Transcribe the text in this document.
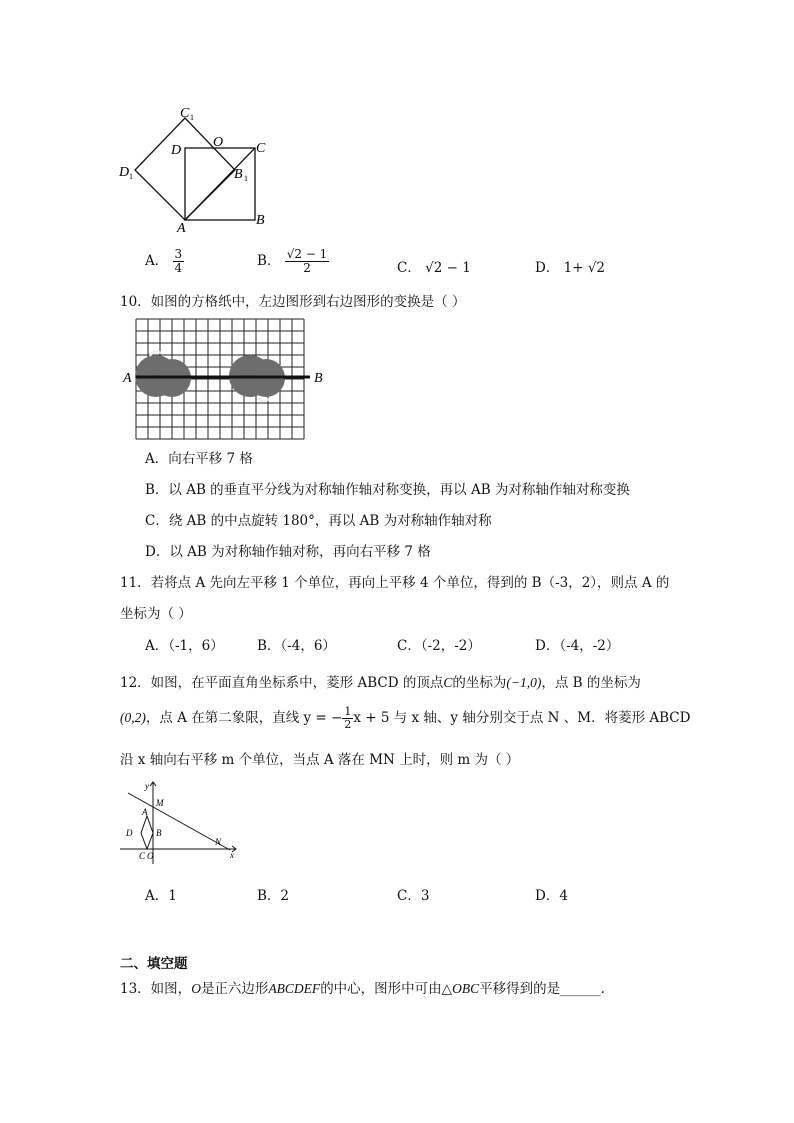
C 1
O
D	C
D 1	B 1
A
B
A． $\frac{3}{4}$	B． $\frac{√2 - 1}{2}$	C． √2 − 1	D． 1+ √2
10．如图的方格纸中，左边图形到右边图形的变换是（ ）
A	B
A．向右平移 7 格
B．以 AB 的垂直平分线为对称轴作轴对称变换，再以 AB 为对称轴作轴对称变换
C．绕 AB 的中点旋转 180°，再以 AB 为对称轴作轴对称
D．以 AB 为对称轴作轴对称，再向右平移 7 格
11．若将点 A 先向左平移 1 个单位，再向上平移 4 个单位，得到的 B（-3，2），则点 A 的
坐标为（ ）
A．（-1，6） B．（-4，6）	C．（-2，-2）	D．（-4，-2）
12．如图，在平面直角坐标系中，菱形 ABCD 的顶点C的坐标为(−1,0)，点 B 的坐标为
(0,2)，点 A 在第二象限，直线 y = − $\frac{1}{2}$ x + 5 与 x 轴、y 轴分别交于点 N 、M．将菱形 ABCD
沿 x 轴向右平移 m 个单位，当点 A 落在 MN 上时，则 m 为（ ）
y
M
A
D	B
C O
N
x
A．1	B．2	C．3	D．4
二、填空题
13．如图，O是正六边形ABCDEF的中心，图形中可由△OBC平移得到的是______.
